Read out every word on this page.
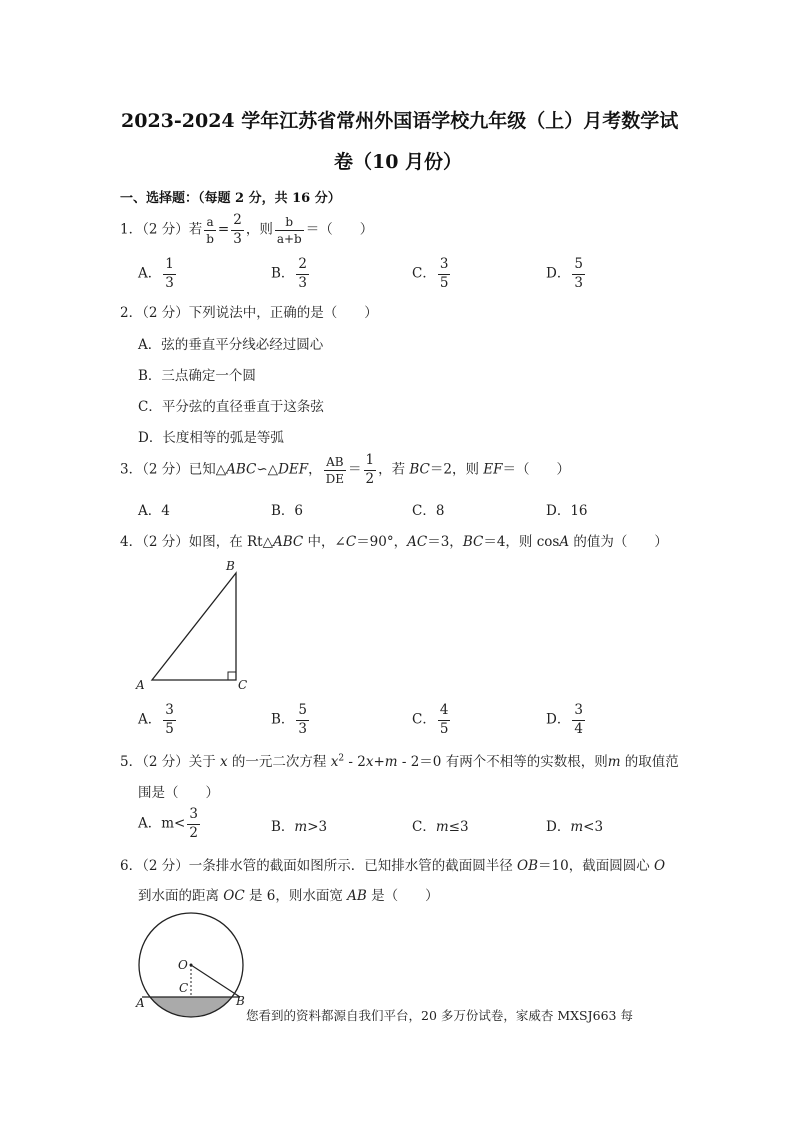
2023-2024 学年江苏省常州外国语学校九年级（上）月考数学试
卷（10 月份）
一、选择题：（每题 2 分，共 16 分）
1．（2 分）若 $\frac{a}{b} = \frac{2}{3}$ ，则 $\frac{b}{a+b}$ ＝（　　）
A． $\frac{1}{3}$	B． $\frac{2}{3}$	C． $\frac{3}{5}$	D． $\frac{5}{3}$
2．（2 分）下列说法中，正确的是（　　）
A．弦的垂直平分线必经过圆心
B．三点确定一个圆
C．平分弦的直径垂直于这条弦
D．长度相等的弧是等弧
3．（2 分）已知△ABC∽△DEF， $\frac{AB}{DE} = \frac{1}{2}$ ，若 BC＝2，则 EF＝（　　）
A．4	B．6	C．8	D．16
4．（2 分）如图，在 Rt△ABC 中，∠C＝90°，AC＝3，BC＝4，则 cosA 的值为（　　）
A
B
C
A． $\frac{3}{5}$	B． $\frac{5}{3}$	C． $\frac{4}{5}$	D． $\frac{3}{4}$
5．（2 分）关于 x 的一元二次方程 $x^2 - 2x+m - 2=0$ 有两个不相等的实数根，则m 的取值范
围是（　　）
A．$m< \frac{3}{2}$	B．m>3	C．m≤3	D．m<3
6．（2 分）一条排水管的截面如图所示．已知排水管的截面圆半径 OB＝10，截面圆圆心 O
到水面的距离 OC 是 6，则水面宽 AB 是（　　）
O
C
A	B
您看到的资料都源自我们平台，20 多万份试卷，家威杏 MXSJ663 每
